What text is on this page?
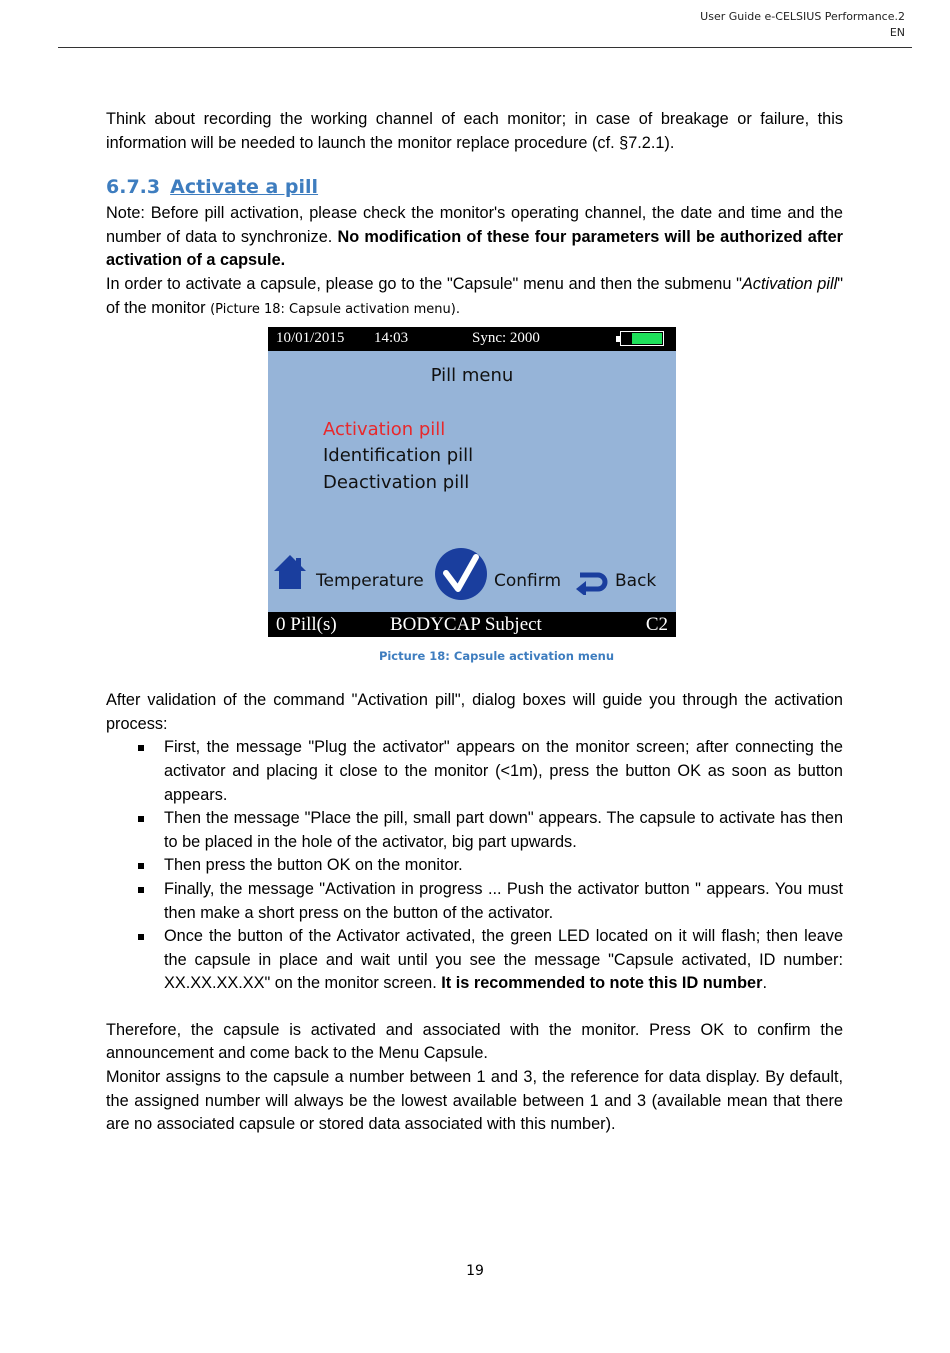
User Guide e-CELSIUS Performance.2
EN

Think about recording the working channel of each monitor; in case of breakage or failure, this information will be needed to launch the monitor replace procedure (cf. §7.2.1).

6.7.3 Activate a pill

Note: Before pill activation, please check the monitor's operating channel, the date and time and the number of data to synchronize. No modification of these four parameters will be authorized after activation of a capsule.

In order to activate a capsule, please go to the "Capsule" menu and then the submenu "Activation pill" of the monitor (Picture 18: Capsule activation menu).

10/01/2015 14:03	Sync: 2000
Pill menu
Activation pill
Identification pill
Deactivation pill
Temperature	Confirm	Back
0 Pill(s)	BODYCAP Subject	C2
Picture 18: Capsule activation menu

After validation of the command "Activation pill", dialog boxes will guide you through the activation process:

First, the message "Plug the activator" appears on the monitor screen; after connecting the activator and placing it close to the monitor (<1m), press the button OK as soon as button appears.
Then the message "Place the pill, small part down" appears. The capsule to activate has then to be placed in the hole of the activator, big part upwards.
Then press the button OK on the monitor.
Finally, the message "Activation in progress ... Push the activator button " appears. You must then make a short press on the button of the activator.
Once the button of the Activator activated, the green LED located on it will flash; then leave the capsule in place and wait until you see the message "Capsule activated, ID number: XX.XX.XX.XX" on the monitor screen. It is recommended to note this ID number.

Therefore, the capsule is activated and associated with the monitor. Press OK to confirm the announcement and come back to the Menu Capsule.

Monitor assigns to the capsule a number between 1 and 3, the reference for data display. By default, the assigned number will always be the lowest available between 1 and 3 (available mean that there are no associated capsule or stored data associated with this number).

19
